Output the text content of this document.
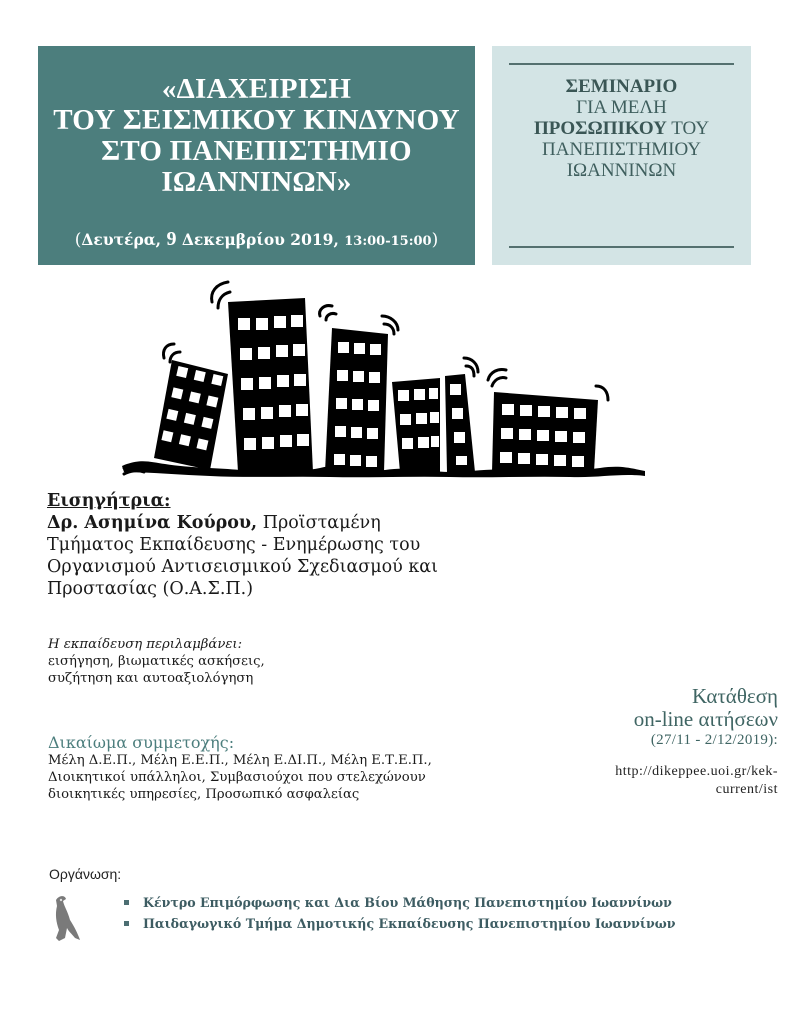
«ΔΙΑΧΕΙΡΙΣΗ
ΤΟΥ ΣΕΙΣΜΙΚΟΥ ΚΙΝΔΥΝΟΥ
ΣΤΟ ΠΑΝΕΠΙΣΤΗΜΙΟ
ΙΩΑΝΝΙΝΩΝ»
(Δευτέρα, 9 Δεκεμβρίου 2019, 13:00-15:00)
ΣΕΜΙΝΑΡΙΟ
ΓΙΑ ΜΕΛΗ
ΠΡΟΣΩΠΙΚΟΥ ΤΟΥ
ΠΑΝΕΠΙΣΤΗΜΙΟΥ
ΙΩΑΝΝΙΝΩΝ
Εισηγήτρια:
Δρ. Ασημίνα Κούρου, Προϊσταμένη
Τμήματος Εκπαίδευσης - Ενημέρωσης του
Οργανισμού Αντισεισμικού Σχεδιασμού και
Προστασίας (Ο.Α.Σ.Π.)
Η εκπαίδευση περιλαμβάνει:
εισήγηση, βιωματικές ασκήσεις,
συζήτηση και αυτοαξιολόγηση
Δικαίωμα συμμετοχής:
Μέλη Δ.Ε.Π., Μέλη Ε.Ε.Π., Μέλη Ε.ΔΙ.Π., Μέλη Ε.Τ.Ε.Π.,
Διοικητικοί υπάλληλοι, Συμβασιούχοι που στελεχώνουν
διοικητικές υπηρεσίες, Προσωπικό ασφαλείας
Κατάθεση
on-line αιτήσεων
(27/11 - 2/12/2019):
http://dikeppee.uoi.gr/kek-
current/ist
Οργάνωση:
Κέντρο Επιμόρφωσης και Δια Βίου Μάθησης Πανεπιστημίου Ιωαννίνων
Παιδαγωγικό Τμήμα Δημοτικής Εκπαίδευσης Πανεπιστημίου Ιωαννίνων
